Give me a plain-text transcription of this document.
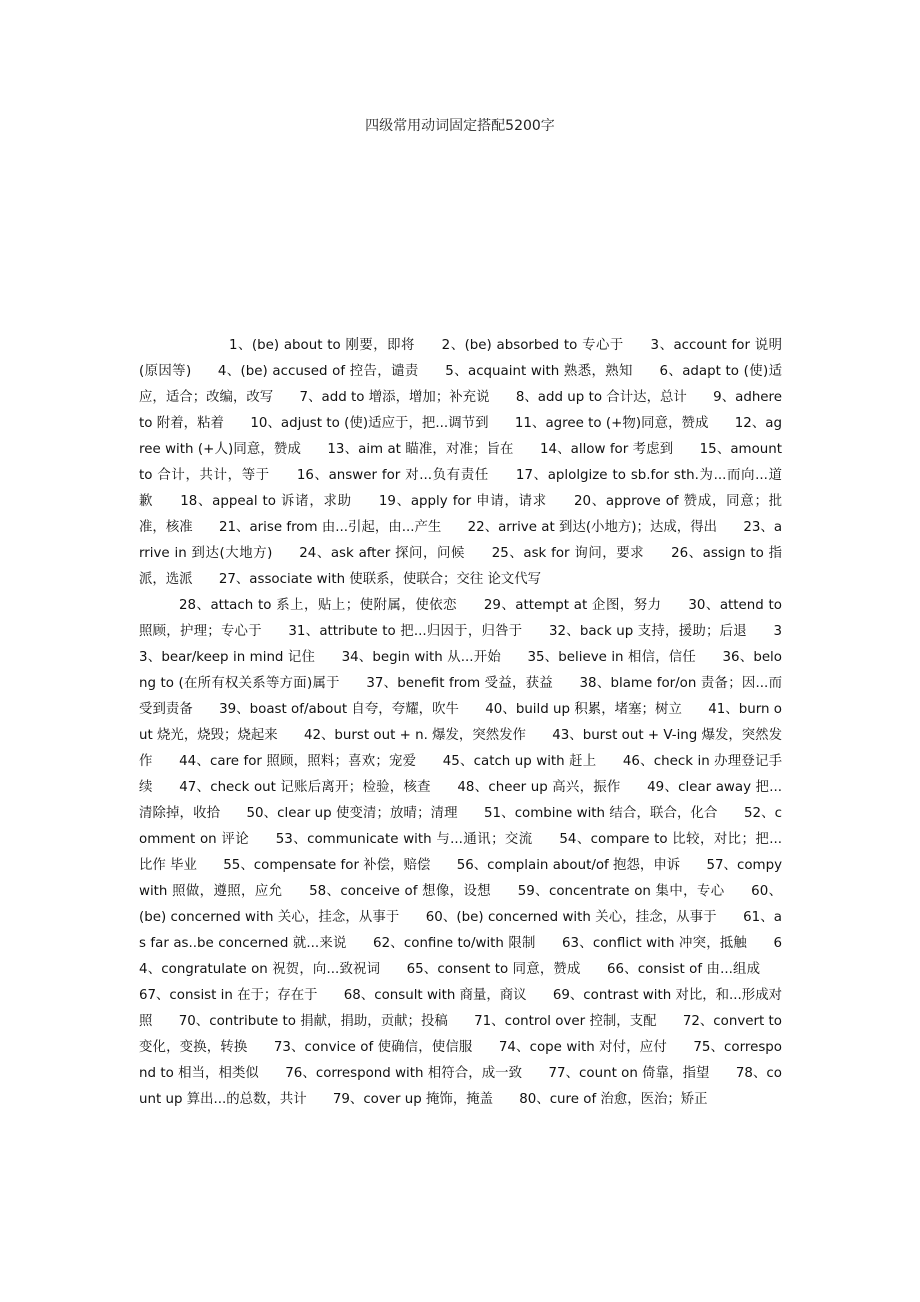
四级常用动词固定搭配5200字

1、(be) about to 刚要，即将 2、(be) absorbed to 专心于 3、account for 说明(原因等) 4、(be) accused of 控告，谴责 5、acquaint with 熟悉，熟知 6、adapt to (使)适应，适合；改编，改写 7、add to 增添，增加；补充说 8、add up to 合计达，总计 9、adhere to 附着，粘着 10、adjust to (使)适应于，把...调节到 11、agree to (+物)同意，赞成 12、agree with (+人)同意，赞成 13、aim at 瞄准，对准；旨在 14、allow for 考虑到 15、amount to 合计，共计，等于 16、answer for 对...负有责任 17、aplolgize to sb.for sth.为...而向...道歉 18、appeal to 诉诸，求助 19、apply for 申请，请求 20、approve of 赞成，同意；批准，核准 21、arise from 由...引起，由...产生 22、arrive at 到达(小地方)；达成，得出 23、arrive in 到达(大地方) 24、ask after 探问，问候 25、ask for 询问，要求 26、assign to 指派，选派 27、associate with 使联系，使联合；交往 论文代写

28、attach to 系上，贴上；使附属，使依恋 29、attempt at 企图，努力 30、attend to 照顾，护理；专心于 31、attribute to 把...归因于，归咎于 32、back up 支持，援助；后退 33、bear/keep in mind 记住 34、begin with 从...开始 35、believe in 相信，信任 36、belong to (在所有权关系等方面)属于 37、benefit from 受益，获益 38、blame for/on 责备；因...而受到责备 39、boast of/about 自夸，夸耀，吹牛 40、build up 积累，堵塞；树立 41、burn out 烧光，烧毁；烧起来 42、burst out + n. 爆发，突然发作 43、burst out + V-ing 爆发，突然发作 44、care for 照顾，照料；喜欢；宠爱 45、catch up with 赶上 46、check in 办理登记手续 47、check out 记账后离开；检验，核查 48、cheer up 高兴，振作 49、clear away 把...清除掉，收拾 50、clear up 使变清；放晴；清理 51、combine with 结合，联合，化合 52、comment on 评论 53、communicate with 与...通讯；交流 54、compare to 比较，对比；把...比作 毕业 55、compensate for 补偿，赔偿 56、complain about/of 抱怨，申诉 57、compy with 照做，遵照，应允 58、conceive of 想像，设想 59、concentrate on 集中，专心 60、(be) concerned with 关心，挂念，从事于 60、(be) concerned with 关心，挂念，从事于 61、as far as..be concerned 就...来说 62、confine to/with 限制 63、conflict with 冲突，抵触 64、congratulate on 祝贺，向...致祝词 65、consent to 同意，赞成 66、consist of 由...组成 67、consist in 在于；存在于 68、consult with 商量，商议 69、contrast with 对比，和...形成对照 70、contribute to 捐献，捐助，贡献；投稿 71、control over 控制，支配 72、convert to 变化，变换，转换 73、convice of 使确信，使信服 74、cope with 对付，应付 75、correspond to 相当，相类似 76、correspond with 相符合，成一致 77、count on 倚靠，指望 78、count up 算出...的总数，共计 79、cover up 掩饰，掩盖 80、cure of 治愈，医治；矫正
